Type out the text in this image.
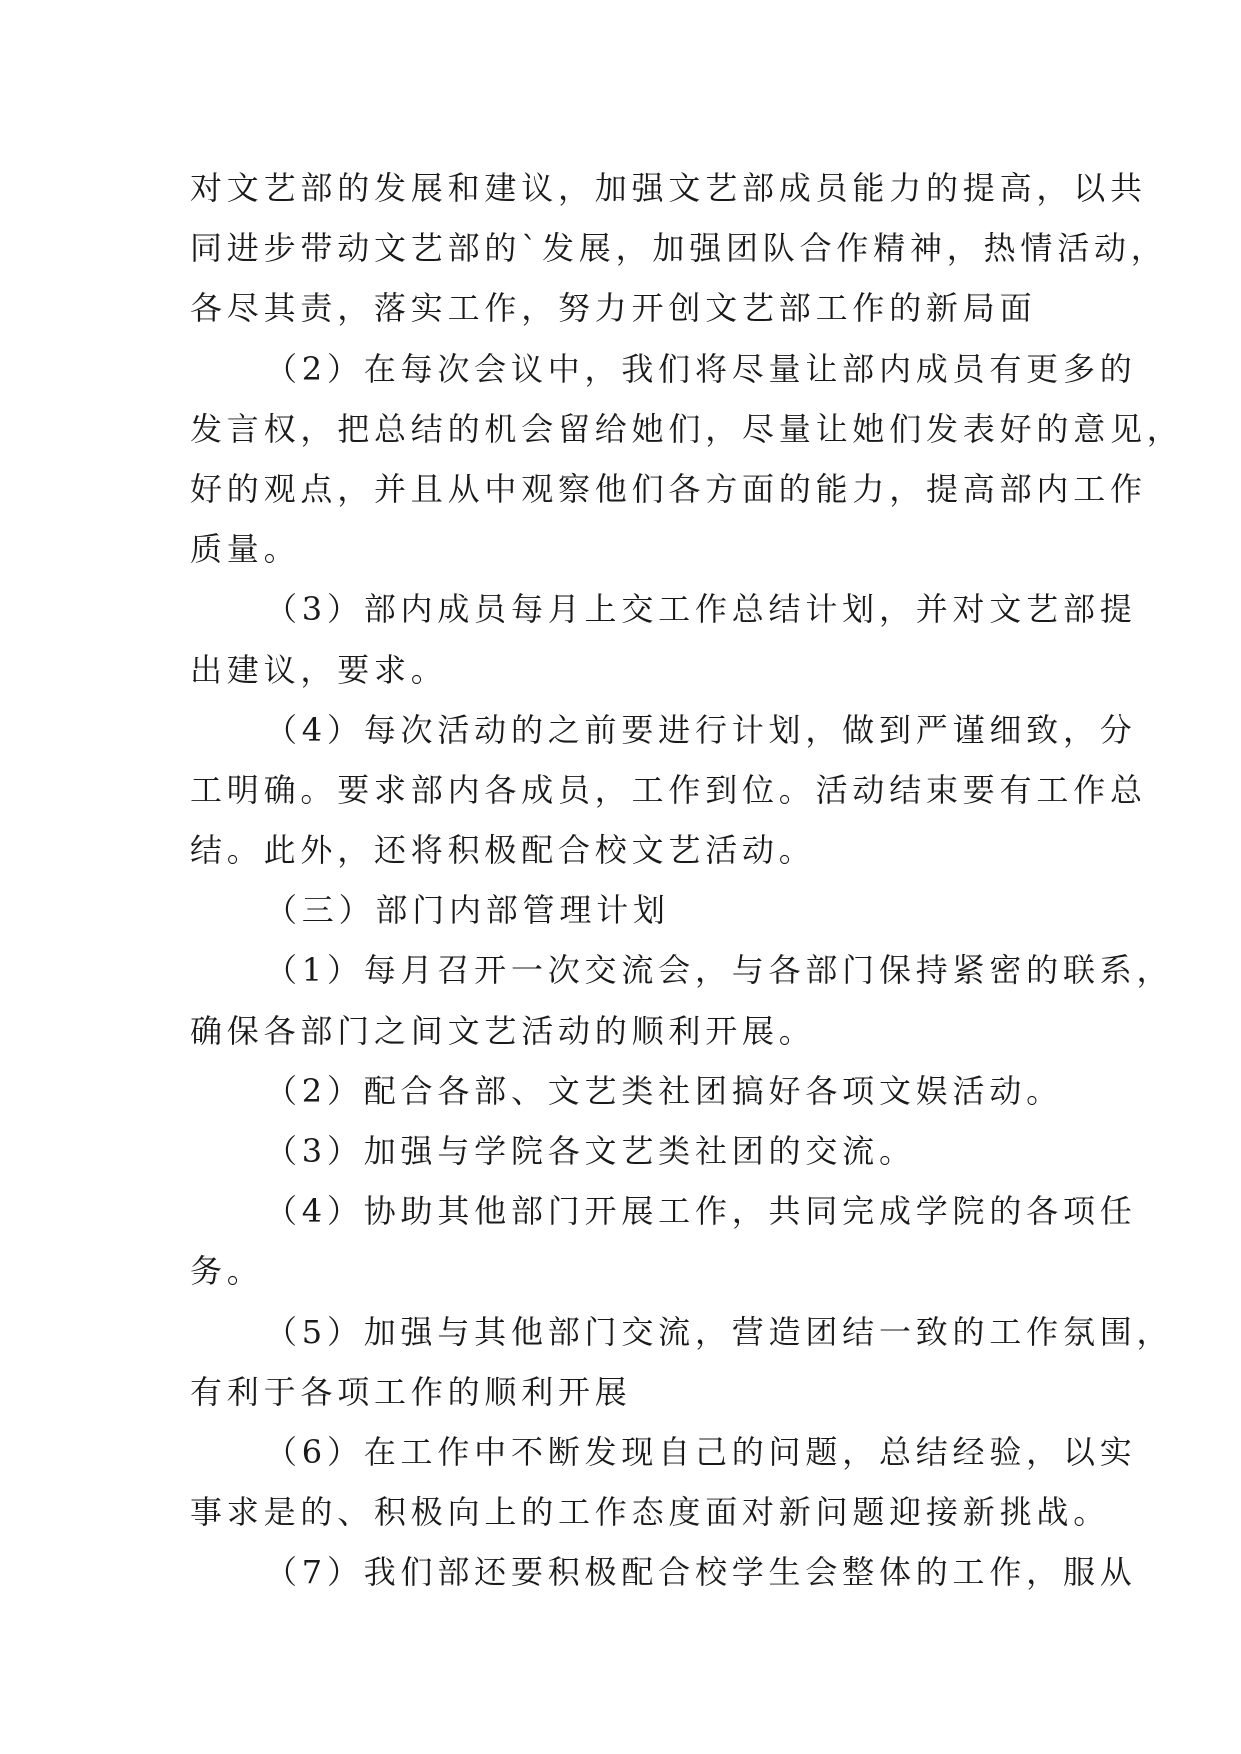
对文艺部的发展和建议，加强文艺部成员能力的提高，以共
同进步带动文艺部的`发展，加强团队合作精神，热情活动，
各尽其责，落实工作，努力开创文艺部工作的新局面
（2）在每次会议中，我们将尽量让部内成员有更多的
发言权，把总结的机会留给她们，尽量让她们发表好的意见，
好的观点，并且从中观察他们各方面的能力，提高部内工作
质量。
（3）部内成员每月上交工作总结计划，并对文艺部提
出建议，要求。
（4）每次活动的之前要进行计划，做到严谨细致，分
工明确。要求部内各成员，工作到位。活动结束要有工作总
结。此外，还将积极配合校文艺活动。
（三）部门内部管理计划
（1）每月召开一次交流会，与各部门保持紧密的联系，
确保各部门之间文艺活动的顺利开展。
（2）配合各部、文艺类社团搞好各项文娱活动。
（3）加强与学院各文艺类社团的交流。
（4）协助其他部门开展工作，共同完成学院的各项任
务。
（5）加强与其他部门交流，营造团结一致的工作氛围，
有利于各项工作的顺利开展
（6）在工作中不断发现自己的问题，总结经验，以实
事求是的、积极向上的工作态度面对新问题迎接新挑战。
（7）我们部还要积极配合校学生会整体的工作，服从
